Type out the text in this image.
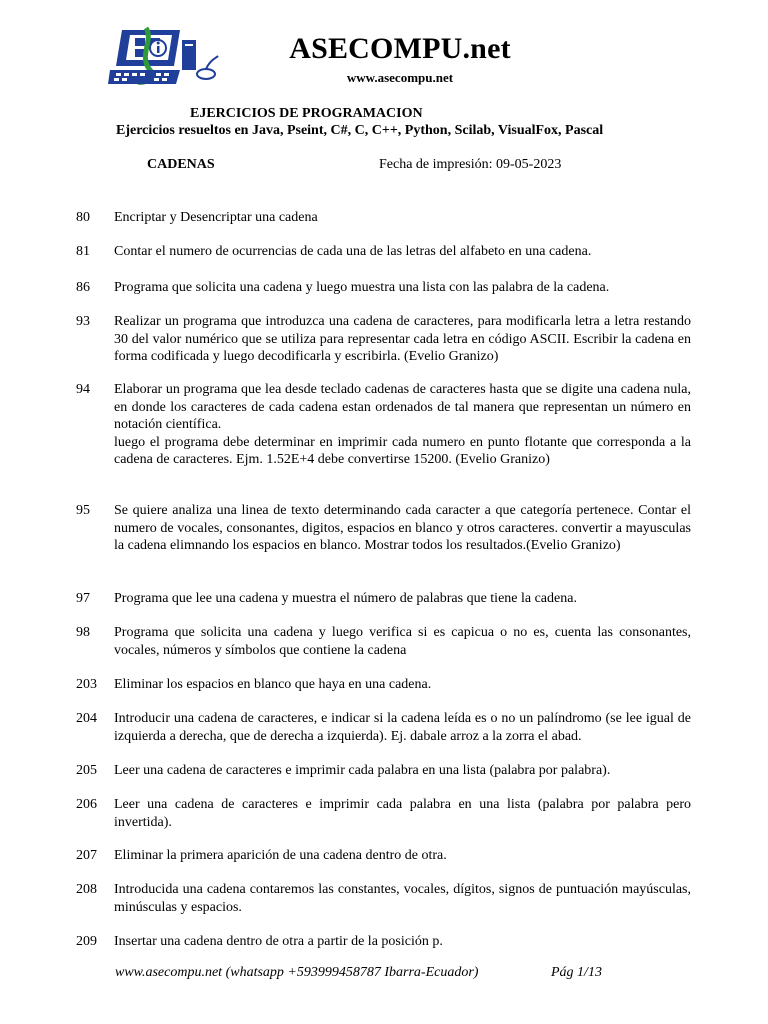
ASECOMPU.net
www.asecompu.net
EJERCICIOS DE PROGRAMACION
Ejercicios resueltos en Java, Pseint, C#, C, C++, Python, Scilab, VisualFox, Pascal
CADENAS	Fecha de impresión: 09-05-2023
80	Encriptar y Desencriptar una cadena
81	Contar el numero de ocurrencias de cada una de las letras del alfabeto en una cadena.
86	Programa que solicita una cadena y luego muestra una lista con las palabra de la cadena.
93	Realizar un programa que introduzca una cadena de caracteres, para modificarla letra a letra restando 30 del valor numérico que se utiliza para representar cada letra en código ASCII. Escribir la cadena en forma codificada y luego decodificarla y escribirla. (Evelio Granizo)
94	Elaborar un programa que lea desde teclado cadenas de caracteres hasta que se digite una cadena nula, en donde los caracteres de cada cadena estan ordenados de tal manera que representan un número en notación científica.
luego el programa debe determinar en imprimir cada numero en punto flotante que corresponda a la cadena de caracteres. Ejm. 1.52E+4 debe convertirse 15200. (Evelio Granizo)
95	Se quiere analiza una linea de texto determinando cada caracter a que categoría pertenece. Contar el numero de vocales, consonantes, digitos, espacios en blanco y otros caracteres. convertir a mayusculas la cadena elimnando los espacios en blanco. Mostrar todos los resultados.(Evelio Granizo)
97	Programa que lee una cadena y muestra el número de palabras que tiene la cadena.
98	Programa que solicita una cadena y luego verifica si es capicua o no es, cuenta las consonantes, vocales, números y símbolos que contiene la cadena
203	Eliminar los espacios en blanco que haya en una cadena.
204	Introducir una cadena de caracteres, e indicar si la cadena leída es o no un palíndromo (se lee igual de izquierda a derecha, que de derecha a izquierda). Ej. dabale arroz a la zorra el abad.
205	Leer una cadena de caracteres e imprimir cada palabra en una lista (palabra por palabra).
206	Leer una cadena de caracteres e imprimir cada palabra en una lista (palabra por palabra pero invertida).
207	Eliminar la primera aparición de una cadena dentro de otra.
208	Introducida una cadena contaremos las constantes, vocales, dígitos, signos de puntuación mayúsculas, minúsculas y espacios.
209	Insertar una cadena dentro de otra a partir de la posición p.
www.asecompu.net (whatsapp +593999458787 Ibarra-Ecuador)	Pág 1/13
